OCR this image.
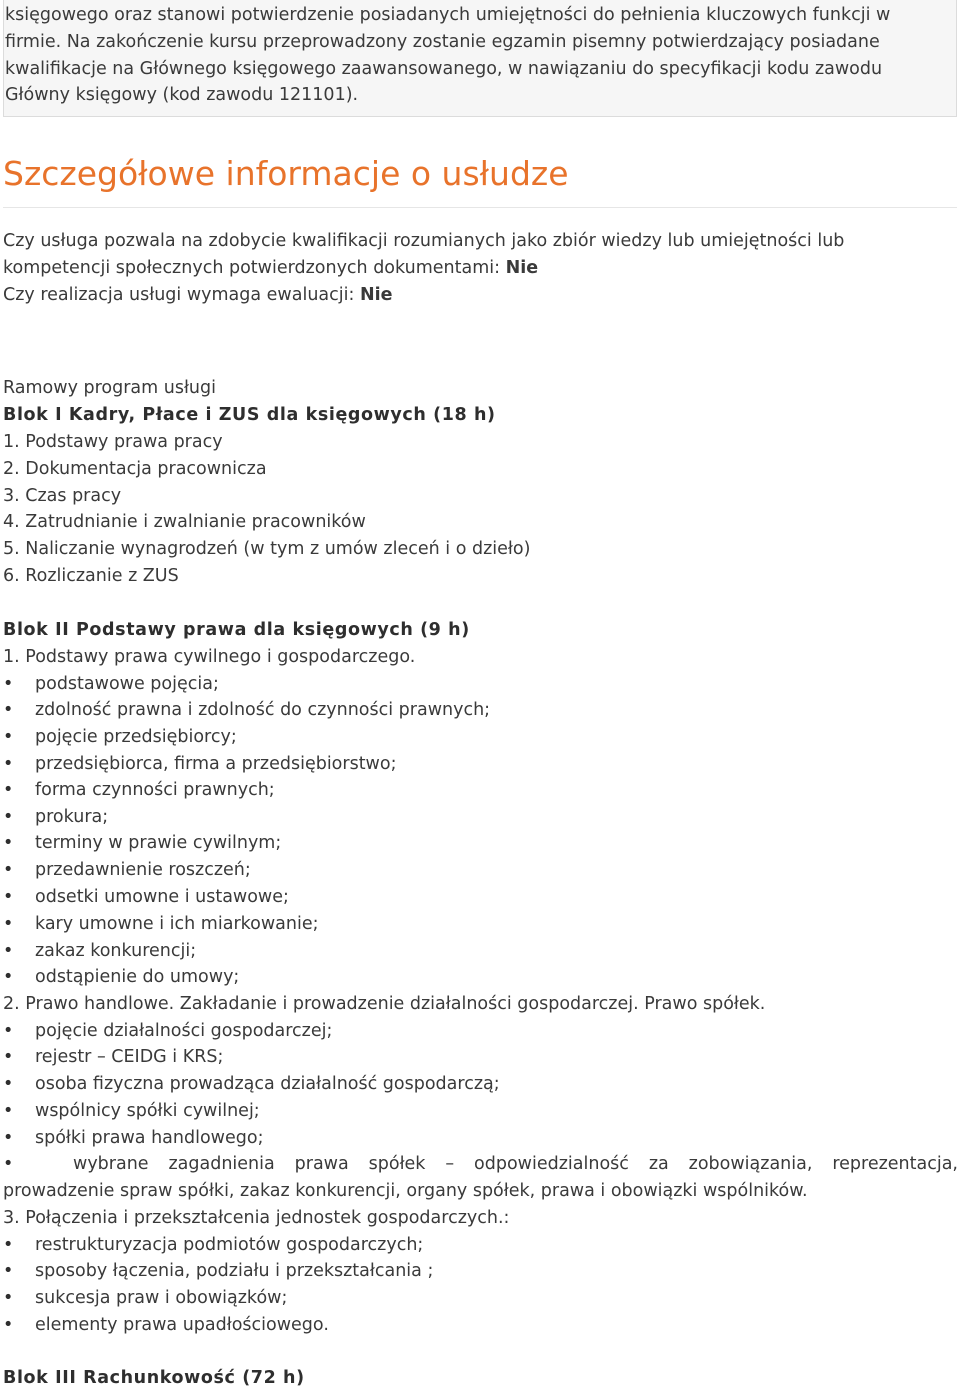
księgowego oraz stanowi potwierdzenie posiadanych umiejętności do pełnienia kluczowych funkcji w firmie. Na zakończenie kursu przeprowadzony zostanie egzamin pisemny potwierdzający posiadane kwalifikacje na Głównego księgowego zaawansowanego, w nawiązaniu do specyfikacji kodu zawodu Główny księgowy (kod zawodu 121101).
Szczegółowe informacje o usłudze
Czy usługa pozwala na zdobycie kwalifikacji rozumianych jako zbiór wiedzy lub umiejętności lub
kompetencji społecznych potwierdzonych dokumentami: Nie
Czy realizacja usługi wymaga ewaluacji: Nie
Ramowy program usługi
Blok I Kadry, Płace i ZUS dla księgowych (18 h)
1. Podstawy prawa pracy
2. Dokumentacja pracownicza
3. Czas pracy
4. Zatrudnianie i zwalnianie pracowników
5. Naliczanie wynagrodzeń (w tym z umów zleceń i o dzieło)
6. Rozliczanie z ZUS
Blok II Podstawy prawa dla księgowych (9 h)
1. Podstawy prawa cywilnego i gospodarczego.
• podstawowe pojęcia;
• zdolność prawna i zdolność do czynności prawnych;
• pojęcie przedsiębiorcy;
• przedsiębiorca, firma a przedsiębiorstwo;
• forma czynności prawnych;
• prokura;
• terminy w prawie cywilnym;
• przedawnienie roszczeń;
• odsetki umowne i ustawowe;
• kary umowne i ich miarkowanie;
• zakaz konkurencji;
• odstąpienie do umowy;
2. Prawo handlowe. Zakładanie i prowadzenie działalności gospodarczej. Prawo spółek.
• pojęcie działalności gospodarczej;
• rejestr – CEIDG i KRS;
• osoba fizyczna prowadząca działalność gospodarczą;
• wspólnicy spółki cywilnej;
• spółki prawa handlowego;
•	wybrane zagadnienia prawa spółek – odpowiedzialność za zobowiązania, reprezentacja,
prowadzenie spraw spółki, zakaz konkurencji, organy spółek, prawa i obowiązki wspólników.
3. Połączenia i przekształcenia jednostek gospodarczych.:
• restrukturyzacja podmiotów gospodarczych;
• sposoby łączenia, podziału i przekształcania ;
• sukcesja praw i obowiązków;
• elementy prawa upadłościowego.
Blok III Rachunkowość (72 h)
